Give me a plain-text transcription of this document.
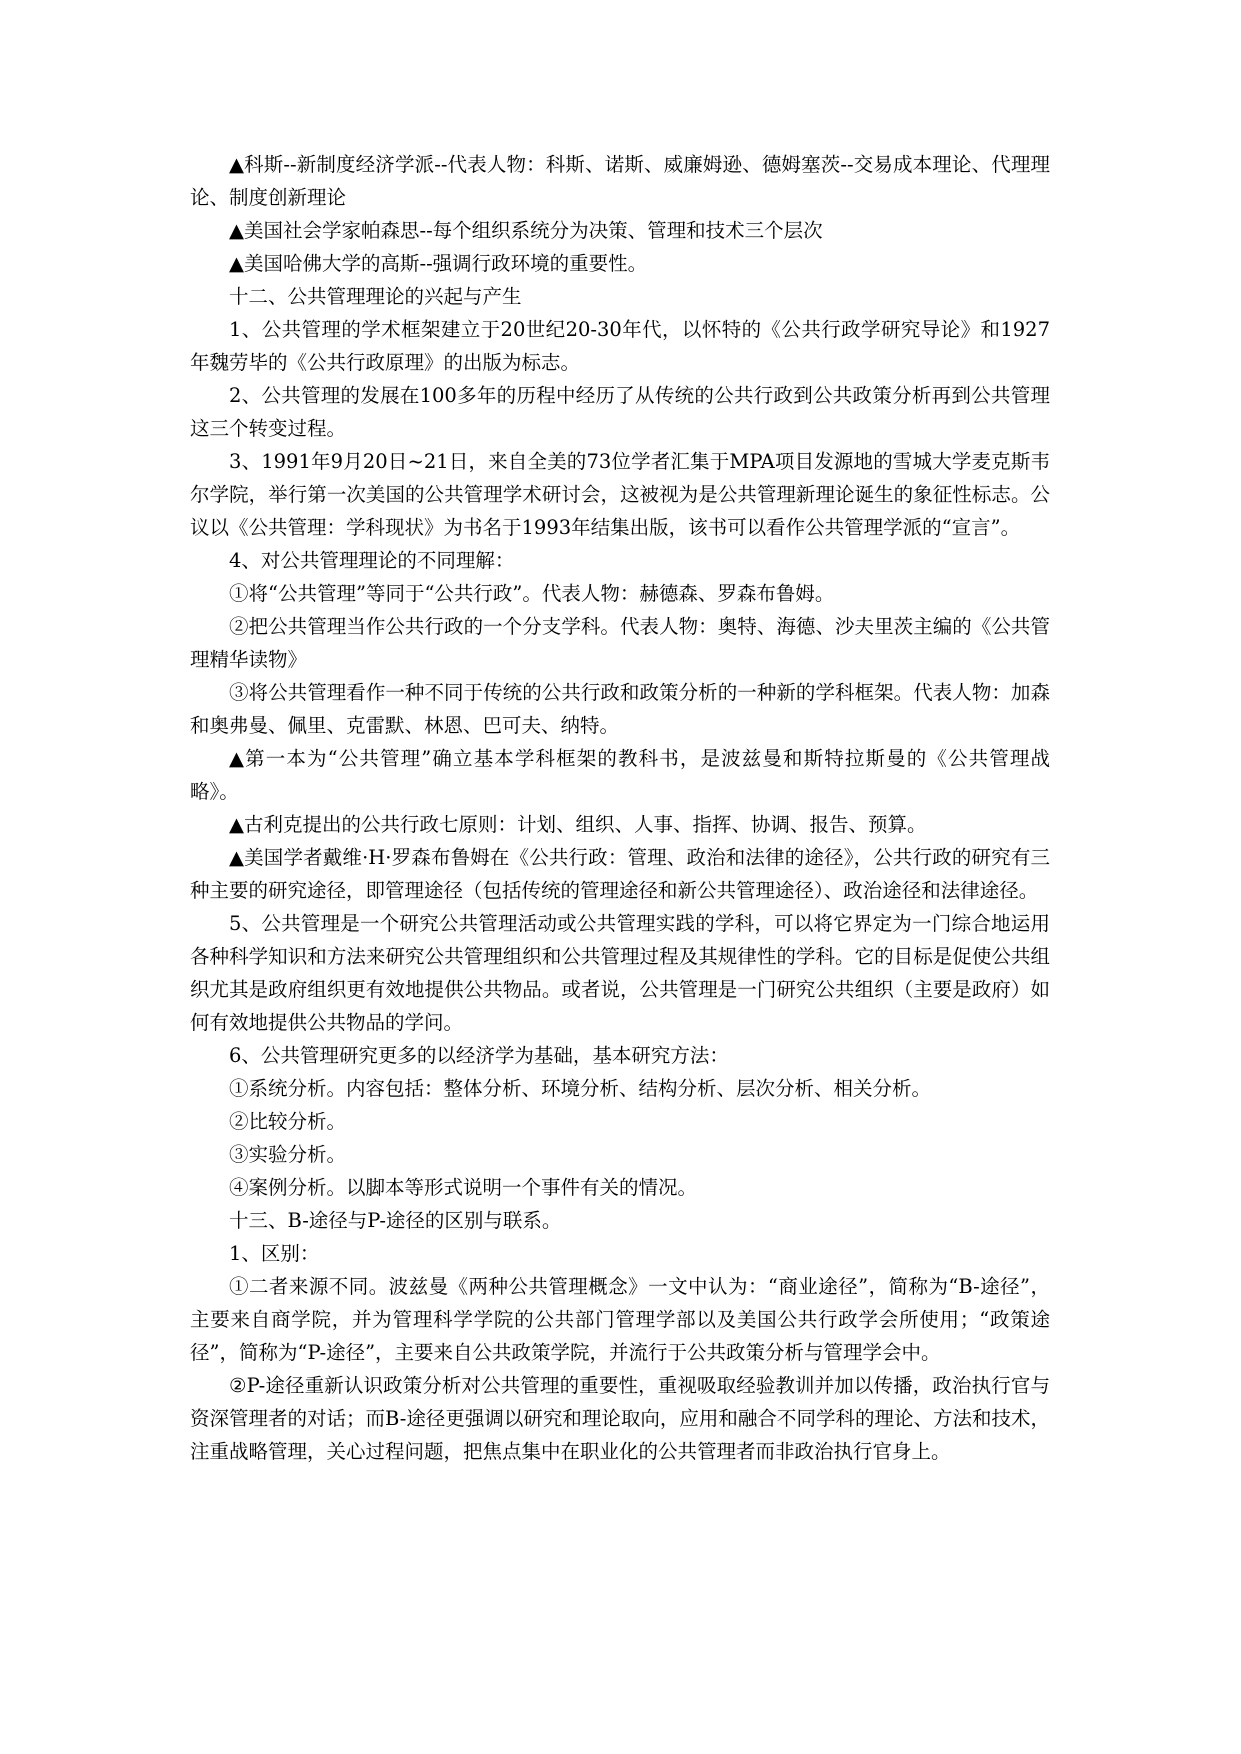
▲科斯--新制度经济学派--代表人物：科斯、诺斯、威廉姆逊、德姆塞茨--交易成本理论、代理理论、制度创新理论

▲美国社会学家帕森思--每个组织系统分为决策、管理和技术三个层次

▲美国哈佛大学的高斯--强调行政环境的重要性。

十二、公共管理理论的兴起与产生

1、公共管理的学术框架建立于20世纪20-30年代，以怀特的《公共行政学研究导论》和1927年魏劳毕的《公共行政原理》的出版为标志。

2、公共管理的发展在100多年的历程中经历了从传统的公共行政到公共政策分析再到公共管理这三个转变过程。

3、1991年9月20日~21日，来自全美的73位学者汇集于MPA项目发源地的雪城大学麦克斯韦尔学院，举行第一次美国的公共管理学术研讨会，这被视为是公共管理新理论诞生的象征性标志。公议以《公共管理：学科现状》为书名于1993年结集出版，该书可以看作公共管理学派的“宣言”。

4、对公共管理理论的不同理解：

①将“公共管理”等同于“公共行政”。代表人物：赫德森、罗森布鲁姆。

②把公共管理当作公共行政的一个分支学科。代表人物：奥特、海德、沙夫里茨主编的《公共管理精华读物》

③将公共管理看作一种不同于传统的公共行政和政策分析的一种新的学科框架。代表人物：加森和奥弗曼、佩里、克雷默、林恩、巴可夫、纳特。

▲第一本为“公共管理”确立基本学科框架的教科书，是波兹曼和斯特拉斯曼的《公共管理战略》。

▲古利克提出的公共行政七原则：计划、组织、人事、指挥、协调、报告、预算。

▲美国学者戴维·H·罗森布鲁姆在《公共行政：管理、政治和法律的途径》，公共行政的研究有三种主要的研究途径，即管理途径（包括传统的管理途径和新公共管理途径）、政治途径和法律途径。

5、公共管理是一个研究公共管理活动或公共管理实践的学科，可以将它界定为一门综合地运用各种科学知识和方法来研究公共管理组织和公共管理过程及其规律性的学科。它的目标是促使公共组织尤其是政府组织更有效地提供公共物品。或者说，公共管理是一门研究公共组织（主要是政府）如何有效地提供公共物品的学问。

6、公共管理研究更多的以经济学为基础，基本研究方法：

①系统分析。内容包括：整体分析、环境分析、结构分析、层次分析、相关分析。

②比较分析。

③实验分析。

④案例分析。以脚本等形式说明一个事件有关的情况。

十三、B-途径与P-途径的区别与联系。

1、区别：

①二者来源不同。波兹曼《两种公共管理概念》一文中认为：“商业途径”，简称为“B-途径”，主要来自商学院，并为管理科学学院的公共部门管理学部以及美国公共行政学会所使用；“政策途径”，简称为“P-途径”，主要来自公共政策学院，并流行于公共政策分析与管理学会中。

②P-途径重新认识政策分析对公共管理的重要性，重视吸取经验教训并加以传播，政治执行官与资深管理者的对话；而B-途径更强调以研究和理论取向，应用和融合不同学科的理论、方法和技术，注重战略管理，关心过程问题，把焦点集中在职业化的公共管理者而非政治执行官身上。
